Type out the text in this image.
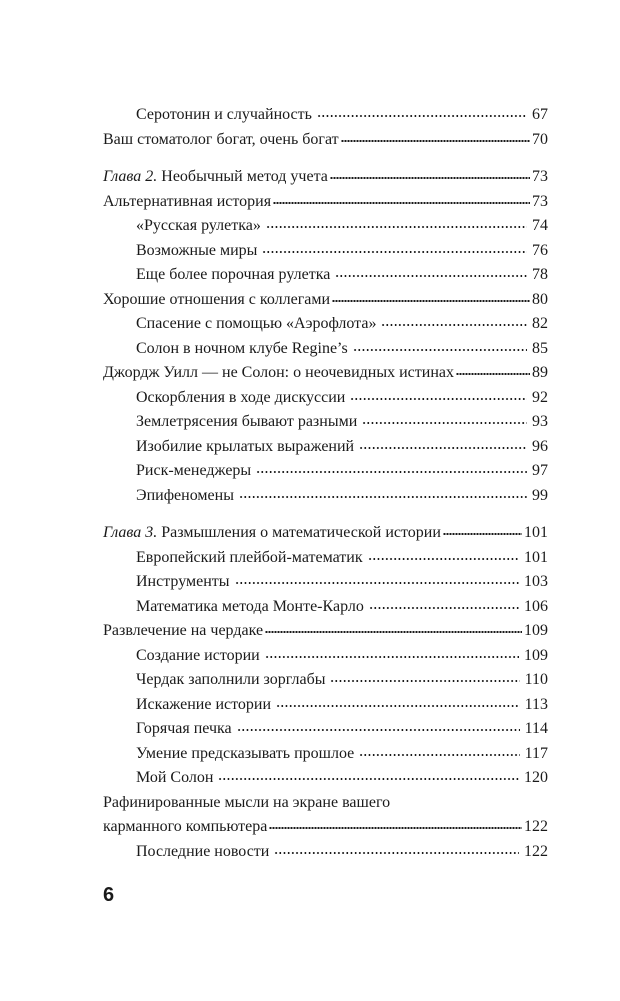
Серотонин и случайность	67
Ваш стоматолог богат, очень богат	70
Глава 2. Необычный метод учета	73
Альтернативная история	73
«Русская рулетка»	74
Возможные миры	76
Еще более порочная рулетка	78
Хорошие отношения с коллегами	80
Спасение с помощью «Аэрофлота»	82
Солон в ночном клубе Regine’s	85
Джордж Уилл — не Солон: о неочевидных истинах	89
Оскорбления в ходе дискуссии	92
Землетрясения бывают разными	93
Изобилие крылатых выражений	96
Риск-менеджеры	97
Эпифеномены	99
Глава 3. Размышления о математической истории	101
Европейский плейбой-математик	101
Инструменты	103
Математика метода Монте-Карло	106
Развлечение на чердаке	109
Создание истории	109
Чердак заполнили зорглабы	110
Искажение истории	113
Горячая печка	114
Умение предсказывать прошлое	117
Мой Солон	120
Рафинированные мысли на экране вашего
карманного компьютера	122
Последние новости	122
6
